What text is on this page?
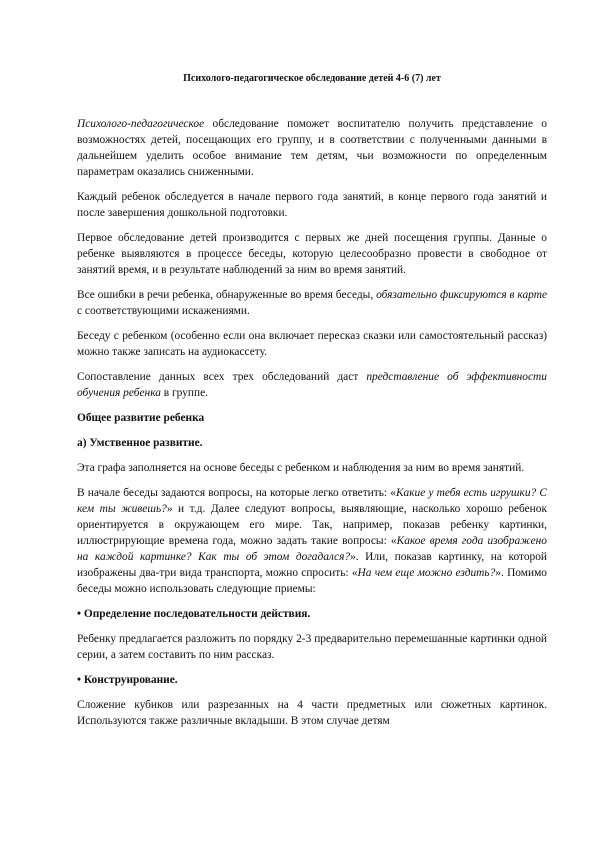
Психолого-педагогическое обследование детей 4-6 (7) лет

Психолого-педагогическое обследование поможет воспитателю получить представление о возможностях детей, посещающих его группу, и в соответствии с полученными данными в дальнейшем уделить особое внимание тем детям, чьи возможности по определенным параметрам оказались сниженными.

Каждый ребенок обследуется в начале первого года занятий, в конце первого года занятий и после завершения дошкольной подготовки.

Первое обследование детей производится с первых же дней посещения группы. Данные о ребенке выявляются в процессе беседы, которую целесообразно провести в свободное от занятий время, и в результате наблюдений за ним во время занятий.

Все ошибки в речи ребенка, обнаруженные во время беседы, обязательно фиксируются в карте с соответствующими искажениями.

Беседу с ребенком (особенно если она включает пересказ сказки или самостоятельный рассказ) можно также записать на аудиокассету.

Сопоставление данных всех трех обследований даст представление об эффективности обучения ребенка в группе.

Общее развитие ребенка

а) Умственное развитие.

Эта графа заполняется на основе беседы с ребенком и наблюдения за ним во время занятий.

В начале беседы задаются вопросы, на которые легко ответить: «Какие у тебя есть игрушки? С кем ты живешь?» и т.д. Далее следуют вопросы, выявляющие, насколько хорошо ребенок ориентируется в окружающем его мире. Так, например, показав ребенку картинки, иллюстрирующие времена года, можно задать такие вопросы: «Какое время года изображено на каждой картинке? Как ты об этом догадался?». Или, показав картинку, на которой изображены два-три вида транспорта, можно спросить: «На чем еще можно ездить?». Помимо беседы можно использовать следующие приемы:

• Определение последовательности действия.

Ребенку предлагается разложить по порядку 2-3 предварительно перемешанные картинки одной серии, а затем составить по ним рассказ.

• Конструирование.

Сложение кубиков или разрезанных на 4 части предметных или сюжетных картинок. Используются также различные вкладыши. В этом случае детям
